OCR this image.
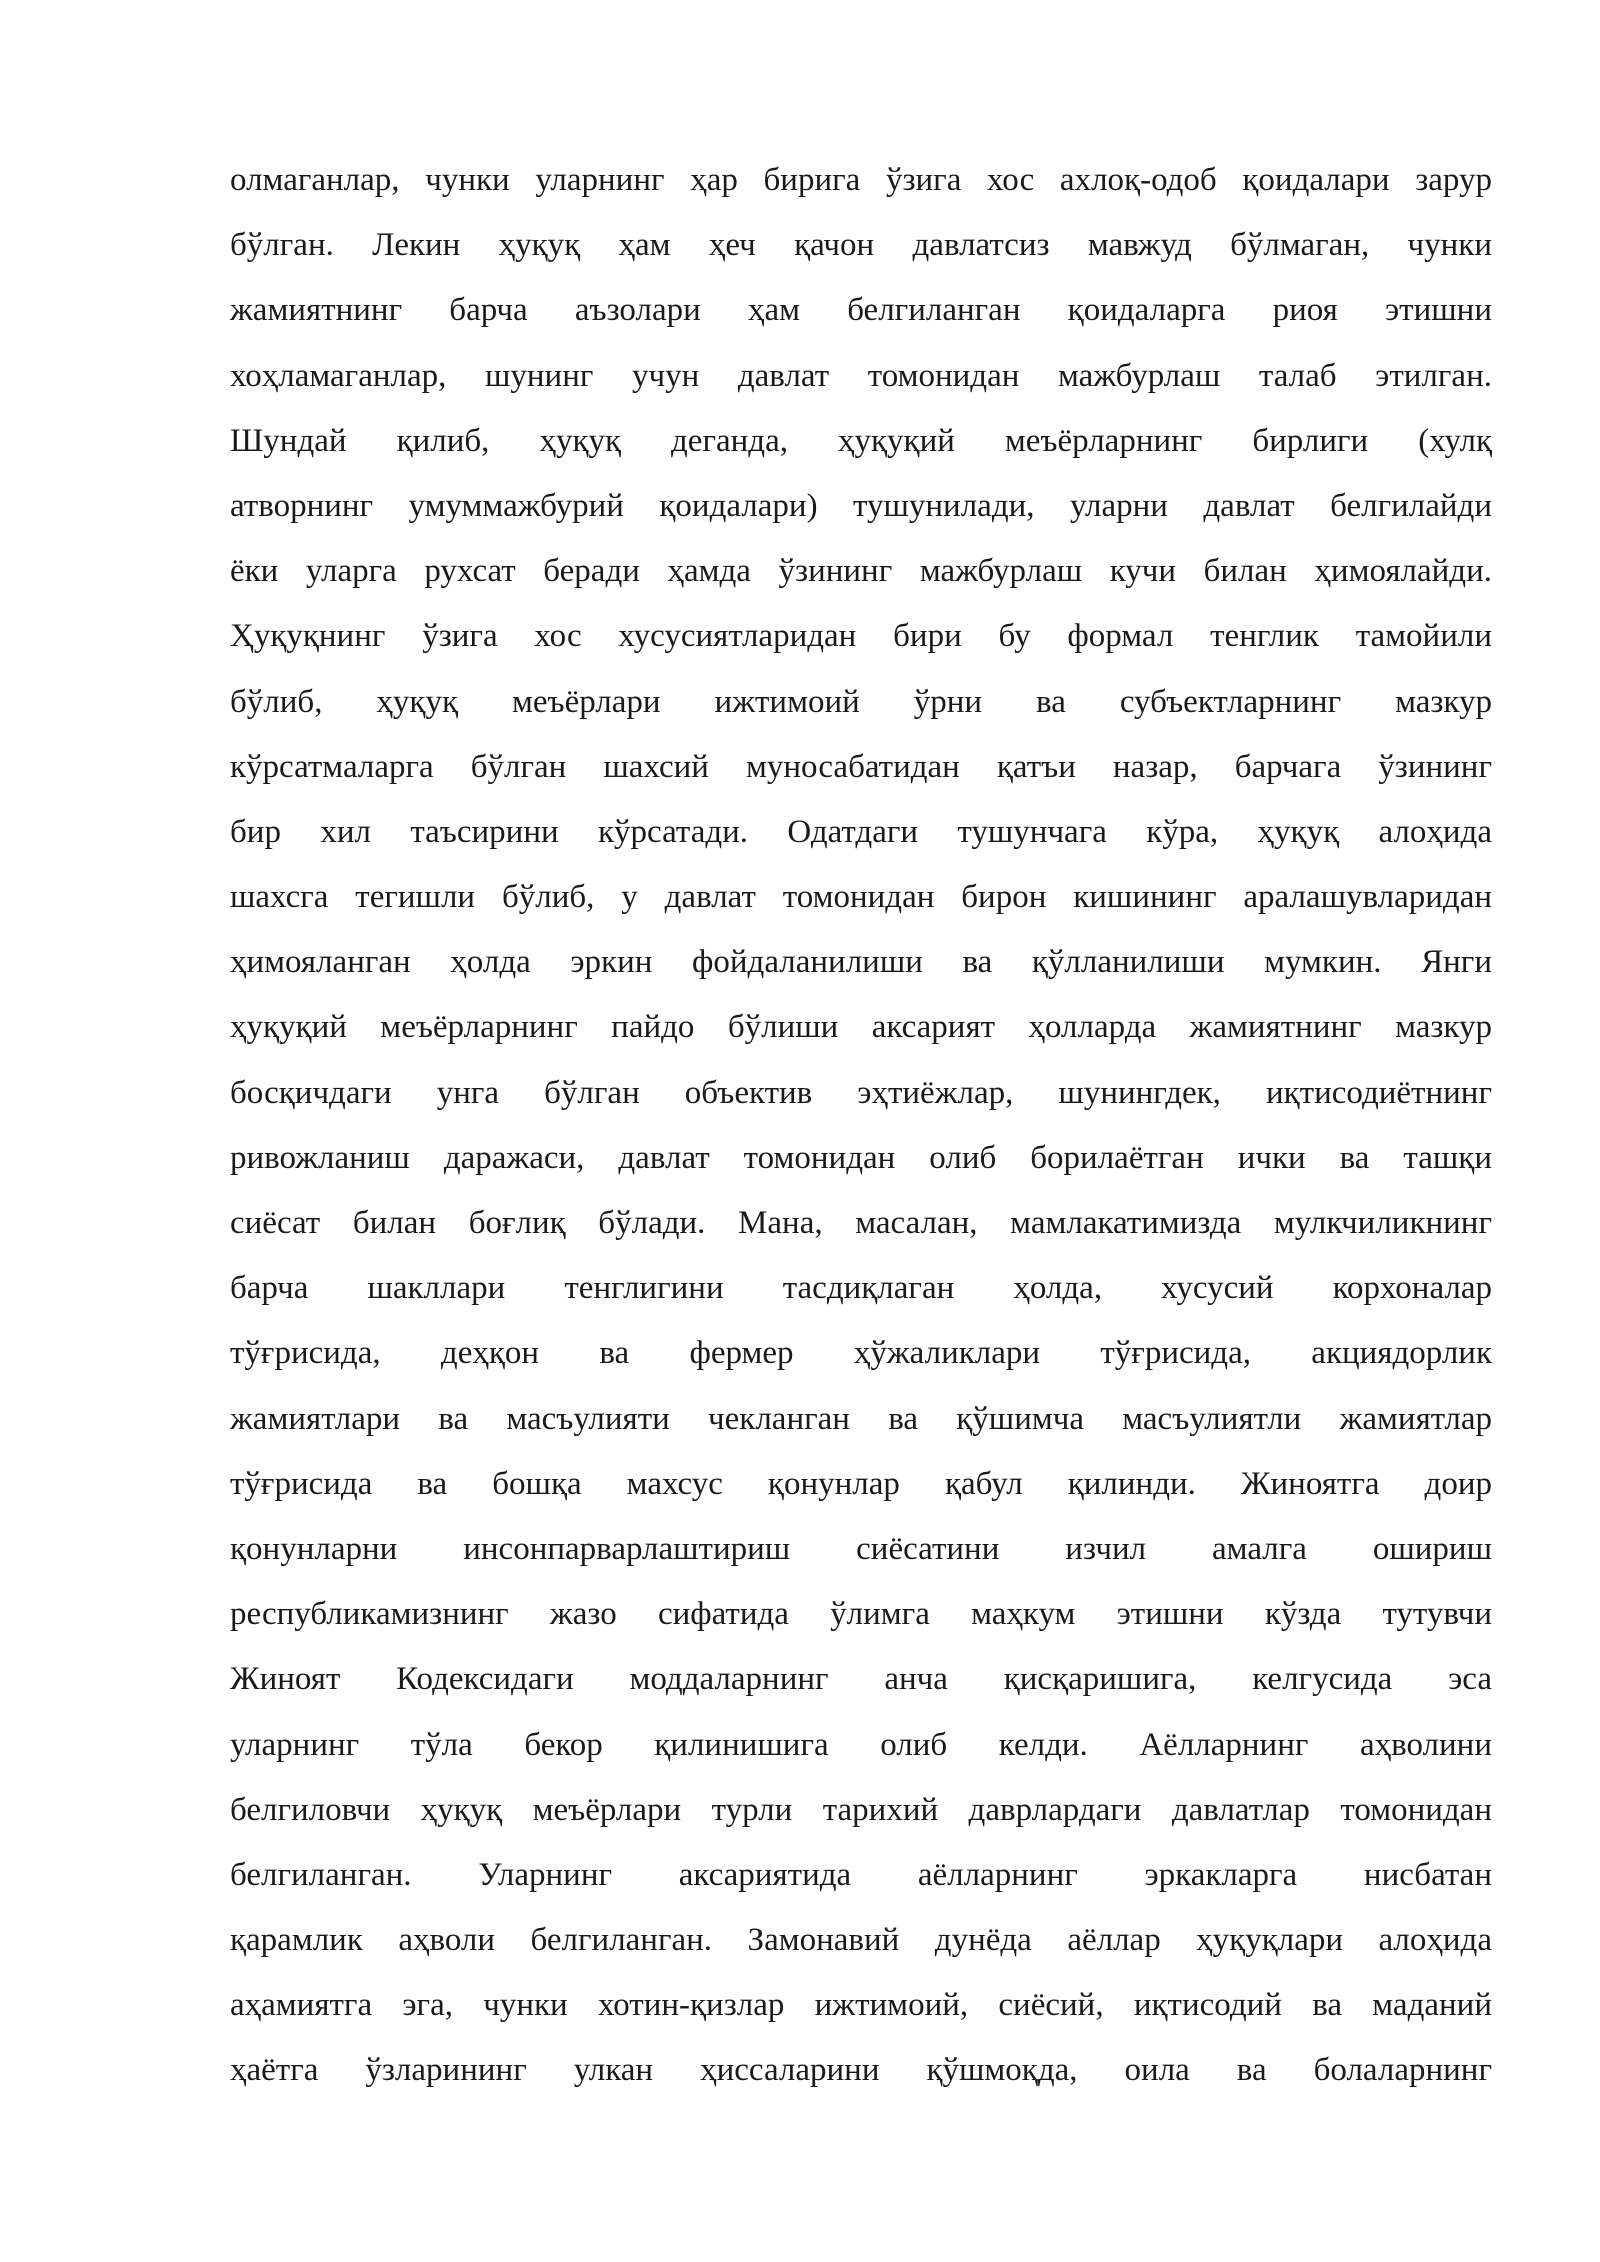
олмаганлар, чунки уларнинг ҳар бирига ўзига хос ахлоқ-одоб қоидалари зарур
бўлган. Лекин ҳуқуқ ҳам ҳеч қачон давлатсиз мавжуд бўлмаган, чунки
жамиятнинг барча аъзолари ҳам белгиланган қоидаларга риоя этишни
хоҳламаганлар, шунинг учун давлат томонидан мажбурлаш талаб этилган.
Шундай қилиб, ҳуқуқ деганда, ҳуқуқий меъёрларнинг бирлиги (хулқ
атворнинг умуммажбурий қоидалари) тушунилади, уларни давлат белгилайди
ёки уларга рухсат беради ҳамда ўзининг мажбурлаш кучи билан ҳимоялайди.
Ҳуқуқнинг ўзига хос хусусиятларидан бири бу формал тенглик тамойили
бўлиб, ҳуқуқ меъёрлари ижтимоий ўрни ва субъектларнинг мазкур
кўрсатмаларга бўлган шахсий муносабатидан қатъи назар, барчага ўзининг
бир хил таъсирини кўрсатади. Одатдаги тушунчага кўра, ҳуқуқ алоҳида
шахсга тегишли бўлиб, у давлат томонидан бирон кишининг аралашувларидан
ҳимояланган ҳолда эркин фойдаланилиши ва қўлланилиши мумкин. Янги
ҳуқуқий меъёрларнинг пайдо бўлиши аксарият ҳолларда жамиятнинг мазкур
босқичдаги унга бўлган объектив эҳтиёжлар, шунингдек, иқтисодиётнинг
ривожланиш даражаси, давлат томонидан олиб борилаётган ички ва ташқи
сиёсат билан боғлиқ бўлади. Мана, масалан, мамлакатимизда мулкчиликнинг
барча шакллари тенглигини тасдиқлаган ҳолда, хусусий корхоналар
тўғрисида, деҳқон ва фермер ҳўжаликлари тўғрисида, акциядорлик
жамиятлари ва масъулияти чекланган ва қўшимча масъулиятли жамиятлар
тўғрисида ва бошқа махсус қонунлар қабул қилинди. Жиноятга доир
қонунларни инсонпарварлаштириш сиёсатини изчил амалга ошириш
республикамизнинг жазо сифатида ўлимга маҳкум этишни кўзда тутувчи
Жиноят Кодексидаги моддаларнинг анча қисқаришига, келгусида эса
уларнинг тўла бекор қилинишига олиб келди. Аёлларнинг аҳволини
белгиловчи ҳуқуқ меъёрлари турли тарихий даврлардаги давлатлар томонидан
белгиланган. Уларнинг аксариятида аёлларнинг эркакларга нисбатан
қарамлик аҳволи белгиланган. Замонавий дунёда аёллар ҳуқуқлари алоҳида
аҳамиятга эга, чунки хотин-қизлар ижтимоий, сиёсий, иқтисодий ва маданий
ҳаётга ўзларининг улкан ҳиссаларини қўшмоқда, оила ва болаларнинг
